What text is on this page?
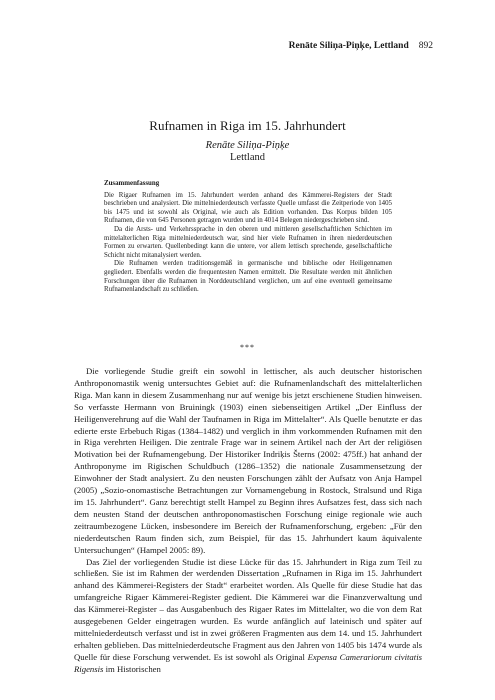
Renāte Siliņa-Piņķe, Lettland 892
Rufnamen in Riga im 15. Jahrhundert
Renāte Siliņa-Piņķe
Lettland
Zusammenfassung

Die Rigaer Rufnamen im 15. Jahrhundert werden anhand des Kämmerei-Registers der Stadt beschrieben und analysiert. Die mittelniederdeutsch verfasste Quelle umfasst die Zeitperiode von 1405 bis 1475 und ist sowohl als Original, wie auch als Edition vorhanden. Das Korpus bilden 105 Rufnamen, die von 645 Personen getragen wurden und in 4014 Belegen niedergeschrieben sind.

Da die Arsts- und Verkehrssprache in den oberen und mittleren gesellschaftlichen Schichten im mittelalterlichen Riga mittelniederdeutsch war, sind hier viele Rufnamen in ihren niederdeutschen Formen zu erwarten. Quellenbedingt kann die untere, vor allem lettisch sprechende, gesellschaftliche Schicht nicht mitanalysiert werden.

Die Rufnamen werden traditionsgemäß in germanische und biblische oder Heiligennamen gegliedert. Ebenfalls werden die frequentesten Namen ermittelt. Die Resultate werden mit ähnlichen Forschungen über die Rufnamen in Norddeutschland verglichen, um auf eine eventuell gemeinsame Rufnamenlandschaft zu schließen.

***

Die vorliegende Studie greift ein sowohl in lettischer, als auch deutscher historischen Anthroponomastik wenig untersuchtes Gebiet auf: die Rufnamenlandschaft des mittelalterlichen Riga. Man kann in diesem Zusammenhang nur auf wenige bis jetzt erschienene Studien hinweisen. So verfasste Hermann von Bruiningk (1903) einen siebenseitigen Artikel „Der Einfluss der Heiligenverehrung auf die Wahl der Taufnamen in Riga im Mittelalter“. Als Quelle benutzte er das edierte erste Erbebuch Rigas (1384–1482) und verglich in ihm vorkommenden Rufnamen mit den in Riga verehrten Heiligen. Die zentrale Frage war in seinem Artikel nach der Art der religiösen Motivation bei der Rufnamengebung. Der Historiker Indriķis Šterns (2002: 475ff.) hat anhand der Anthroponyme im Rigischen Schuldbuch (1286–1352) die nationale Zusammensetzung der Einwohner der Stadt analysiert. Zu den neusten Forschungen zählt der Aufsatz von Anja Hampel (2005) „Sozio-onomastische Betrachtungen zur Vornamengebung in Rostock, Stralsund und Riga im 15. Jahrhundert“. Ganz berechtigt stellt Hampel zu Beginn ihres Aufsatzes fest, dass sich nach dem neusten Stand der deutschen anthroponomastischen Forschung einige regionale wie auch zeitraumbezogene Lücken, insbesondere im Bereich der Rufnamenforschung, ergeben: „Für den niederdeutschen Raum finden sich, zum Beispiel, für das 15. Jahrhundert kaum äquivalente Untersuchungen“ (Hampel 2005: 89).

Das Ziel der vorliegenden Studie ist diese Lücke für das 15. Jahrhundert in Riga zum Teil zu schließen. Sie ist im Rahmen der werdenden Dissertation „Rufnamen in Riga im 15. Jahrhundert anhand des Kämmerei-Registers der Stadt“ erarbeitet worden. Als Quelle für diese Studie hat das umfangreiche Rigaer Kämmerei-Register gedient. Die Kämmerei war die Finanzverwaltung und das Kämmerei-Register – das Ausgabenbuch des Rigaer Rates im Mittelalter, wo die von dem Rat ausgegebenen Gelder eingetragen wurden. Es wurde anfänglich auf lateinisch und später auf mittelniederdeutsch verfasst und ist in zwei größeren Fragmenten aus dem 14. und 15. Jahrhundert erhalten geblieben. Das mittelniederdeutsche Fragment aus den Jahren von 1405 bis 1474 wurde als Quelle für diese Forschung verwendet. Es ist sowohl als Original Expensa Camerariorum civitatis Rigensis im Historischen
